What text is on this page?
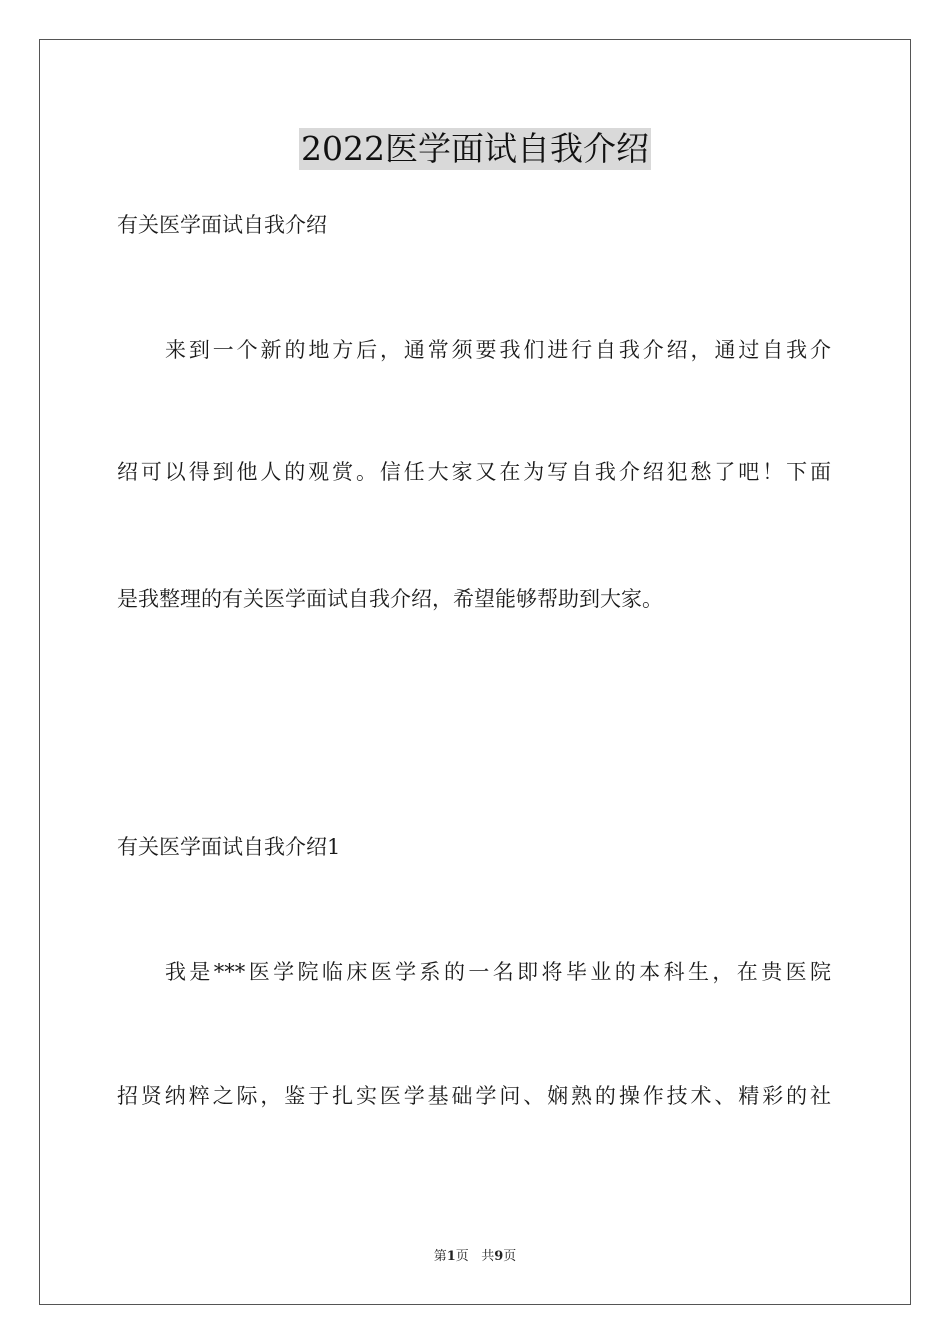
2022医学面试自我介绍
有关医学面试自我介绍
来到一个新的地方后，通常须要我们进行自我介绍，通过自我介
绍可以得到他人的观赏。信任大家又在为写自我介绍犯愁了吧！下面
是我整理的有关医学面试自我介绍，希望能够帮助到大家。
有关医学面试自我介绍1
我是***医学院临床医学系的一名即将毕业的本科生，在贵医院
招贤纳粹之际，鉴于扎实医学基础学问、娴熟的操作技术、精彩的社
第1页 共9页
